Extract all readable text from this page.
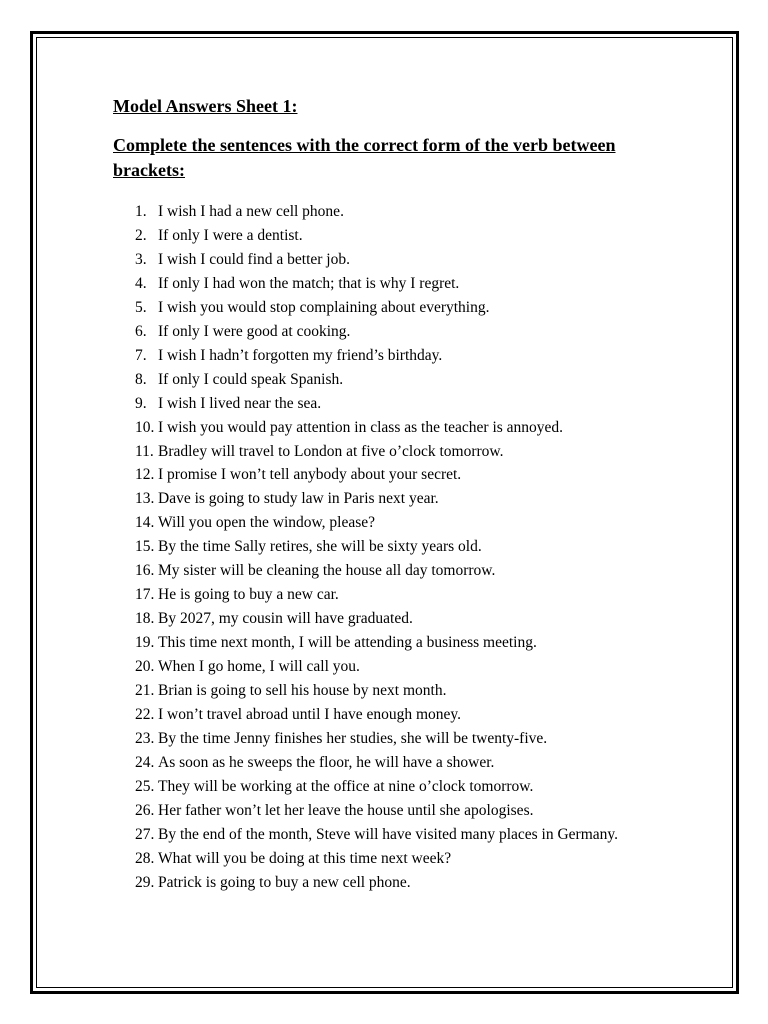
Model Answers Sheet 1:
Complete the sentences with the correct form of the verb between brackets:
1. I wish I had a new cell phone.
2. If only I were a dentist.
3. I wish I could find a better job.
4. If only I had won the match; that is why I regret.
5. I wish you would stop complaining about everything.
6. If only I were good at cooking.
7. I wish I hadn’t forgotten my friend’s birthday.
8. If only I could speak Spanish.
9. I wish I lived near the sea.
10. I wish you would pay attention in class as the teacher is annoyed.
11. Bradley will travel to London at five o’clock tomorrow.
12. I promise I won’t tell anybody about your secret.
13. Dave is going to study law in Paris next year.
14. Will you open the window, please?
15. By the time Sally retires, she will be sixty years old.
16. My sister will be cleaning the house all day tomorrow.
17. He is going to buy a new car.
18. By 2027, my cousin will have graduated.
19. This time next month, I will be attending a business meeting.
20. When I go home, I will call you.
21. Brian is going to sell his house by next month.
22. I won’t travel abroad until I have enough money.
23. By the time Jenny finishes her studies, she will be twenty-five.
24. As soon as he sweeps the floor, he will have a shower.
25. They will be working at the office at nine o’clock tomorrow.
26. Her father won’t let her leave the house until she apologises.
27. By the end of the month, Steve will have visited many places in Germany.
28. What will you be doing at this time next week?
29. Patrick is going to buy a new cell phone.
